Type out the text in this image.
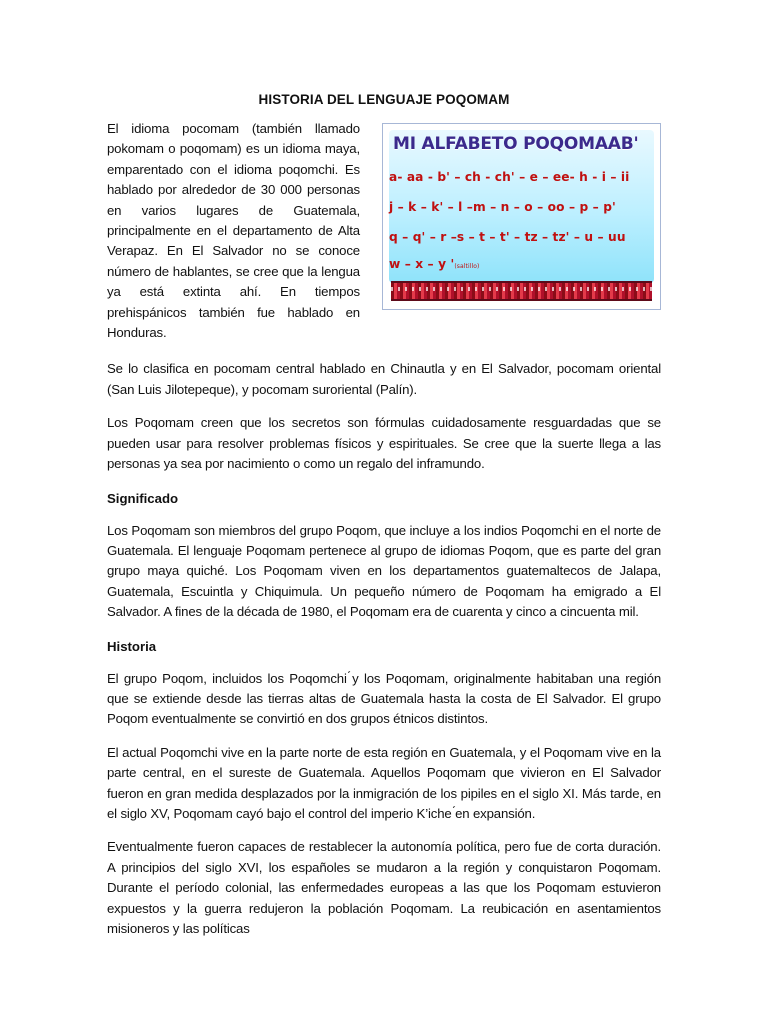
HISTORIA DEL LENGUAJE POQOMAM

El idioma pocomam (también llamado pokomam o poqomam) es un idioma maya, emparentado con el idioma poqomchi. Es hablado por alrededor de 30 000 personas en varios lugares de Guatemala, principalmente en el departamento de Alta Verapaz. En El Salvador no se conoce número de hablantes, se cree que la lengua ya está extinta ahí. En tiempos prehispánicos también fue hablado en Honduras.

MI ALFABETO POQOMAAB'
a- aa - b' – ch - ch' – e – ee- h - i – ii
j – k – k' – l –m – n – o – oo – p – p'
q – q' – r –s – t – t' – tz – tz' – u – uu
w – x – y '(saltillo)

Se lo clasifica en pocomam central hablado en Chinautla y en El Salvador, pocomam oriental (San Luis Jilotepeque), y pocomam suroriental (Palín).

Los Poqomam creen que los secretos son fórmulas cuidadosamente resguardadas que se pueden usar para resolver problemas físicos y espirituales. Se cree que la suerte llega a las personas ya sea por nacimiento o como un regalo del inframundo.

Significado

Los Poqomam son miembros del grupo Poqom, que incluye a los indios Poqomchi en el norte de Guatemala. El lenguaje Poqomam pertenece al grupo de idiomas Poqom, que es parte del gran grupo maya quiché. Los Poqomam viven en los departamentos guatemaltecos de Jalapa, Guatemala, Escuintla y Chiquimula. Un pequeño número de Poqomam ha emigrado a El Salvador. A fines de la década de 1980, el Poqomam era de cuarenta y cinco a cincuenta mil.

Historia

El grupo Poqom, incluidos los Poqomchi ́y los Poqomam, originalmente habitaban una región que se extiende desde las tierras altas de Guatemala hasta la costa de El Salvador. El grupo Poqom eventualmente se convirtió en dos grupos étnicos distintos.

El actual Poqomchi vive en la parte norte de esta región en Guatemala, y el Poqomam vive en la parte central, en el sureste de Guatemala. Aquellos Poqomam que vivieron en El Salvador fueron en gran medida desplazados por la inmigración de los pipiles en el siglo XI. Más tarde, en el siglo XV, Poqomam cayó bajo el control del imperio K’iche ́en expansión.

Eventualmente fueron capaces de restablecer la autonomía política, pero fue de corta duración. A principios del siglo XVI, los españoles se mudaron a la región y conquistaron Poqomam. Durante el período colonial, las enfermedades europeas a las que los Poqomam estuvieron expuestos y la guerra redujeron la población Poqomam. La reubicación en asentamientos misioneros y las políticas
